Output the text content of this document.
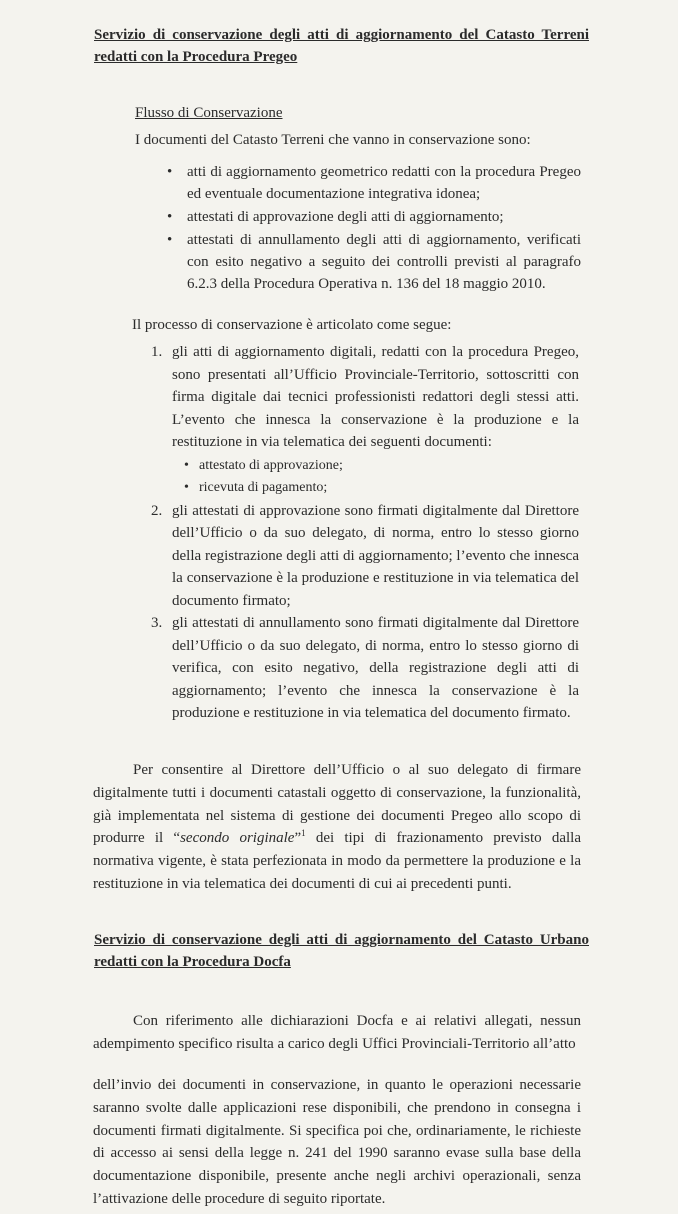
Servizio di conservazione degli atti di aggiornamento del Catasto Terreni redatti con la Procedura Pregeo
Flusso di Conservazione
I documenti del Catasto Terreni che vanno in conservazione sono:
• atti di aggiornamento geometrico redatti con la procedura Pregeo ed eventuale documentazione integrativa idonea;
• attestati di approvazione degli atti di aggiornamento;
• attestati di annullamento degli atti di aggiornamento, verificati con esito negativo a seguito dei controlli previsti al paragrafo 6.2.3 della Procedura Operativa n. 136 del 18 maggio 2010.
Il processo di conservazione è articolato come segue:
1. gli atti di aggiornamento digitali, redatti con la procedura Pregeo, sono presentati all’Ufficio Provinciale-Territorio, sottoscritti con firma digitale dai tecnici professionisti redattori degli stessi atti. L’evento che innesca la conservazione è la produzione e la restituzione in via telematica dei seguenti documenti:
• attestato di approvazione;
• ricevuta di pagamento;
2. gli attestati di approvazione sono firmati digitalmente dal Direttore dell’Ufficio o da suo delegato, di norma, entro lo stesso giorno della registrazione degli atti di aggiornamento; l’evento che innesca la conservazione è la produzione e restituzione in via telematica del documento firmato;
3. gli attestati di annullamento sono firmati digitalmente dal Direttore dell’Ufficio o da suo delegato, di norma, entro lo stesso giorno di verifica, con esito negativo, della registrazione degli atti di aggiornamento; l’evento che innesca la conservazione è la produzione e restituzione in via telematica del documento firmato.
Per consentire al Direttore dell’Ufficio o al suo delegato di firmare digitalmente tutti i documenti catastali oggetto di conservazione, la funzionalità, già implementata nel sistema di gestione dei documenti Pregeo allo scopo di produrre il “secondo originale”$^1$ dei tipi di frazionamento previsto dalla normativa vigente, è stata perfezionata in modo da permettere la produzione e la restituzione in via telematica dei documenti di cui ai precedenti punti.
Servizio di conservazione degli atti di aggiornamento del Catasto Urbano redatti con la Procedura Docfa
Con riferimento alle dichiarazioni Docfa e ai relativi allegati, nessun adempimento specifico risulta a carico degli Uffici Provinciali-Territorio all’atto
dell’invio dei documenti in conservazione, in quanto le operazioni necessarie saranno svolte dalle applicazioni rese disponibili, che prendono in consegna i documenti firmati digitalmente. Si specifica poi che, ordinariamente, le richieste di accesso ai sensi della legge n. 241 del 1990 saranno evase sulla base della documentazione disponibile, presente anche negli archivi operazionali, senza l’attivazione delle procedure di seguito riportate.
